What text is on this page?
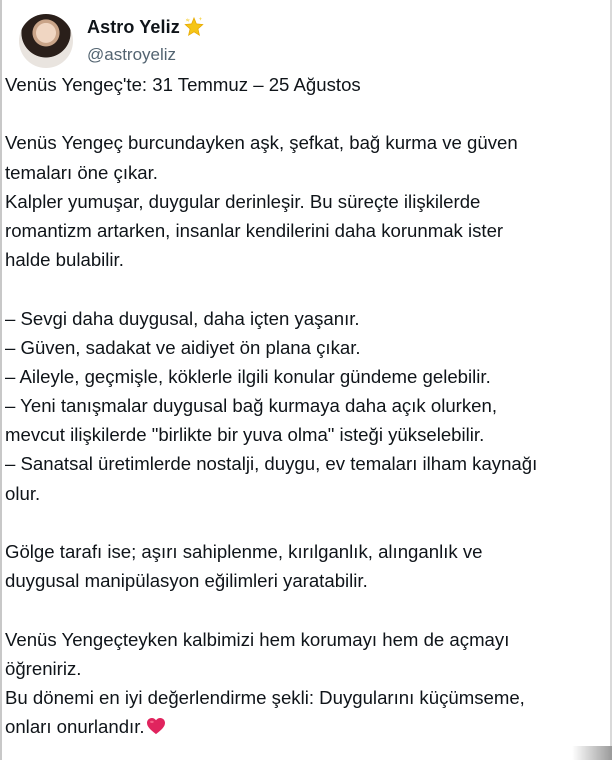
Astro Yeliz
@astroyeliz
Venüs Yengeç'te: 31 Temmuz – 25 Ağustos
Venüs Yengeç burcundayken aşk, şefkat, bağ kurma ve güven
temaları öne çıkar.
Kalpler yumuşar, duygular derinleşir. Bu süreçte ilişkilerde
romantizm artarken, insanlar kendilerini daha korunmak ister
halde bulabilir.
– Sevgi daha duygusal, daha içten yaşanır.
– Güven, sadakat ve aidiyet ön plana çıkar.
– Aileyle, geçmişle, köklerle ilgili konular gündeme gelebilir.
– Yeni tanışmalar duygusal bağ kurmaya daha açık olurken,
mevcut ilişkilerde "birlikte bir yuva olma" isteği yükselebilir.
– Sanatsal üretimlerde nostalji, duygu, ev temaları ilham kaynağı
olur.
Gölge tarafı ise; aşırı sahiplenme, kırılganlık, alınganlık ve
duygusal manipülasyon eğilimleri yaratabilir.
Venüs Yengeçteyken kalbimizi hem korumayı hem de açmayı
öğreniriz.
Bu dönemi en iyi değerlendirme şekli: Duygularını küçümseme,
onları onurlandır.
